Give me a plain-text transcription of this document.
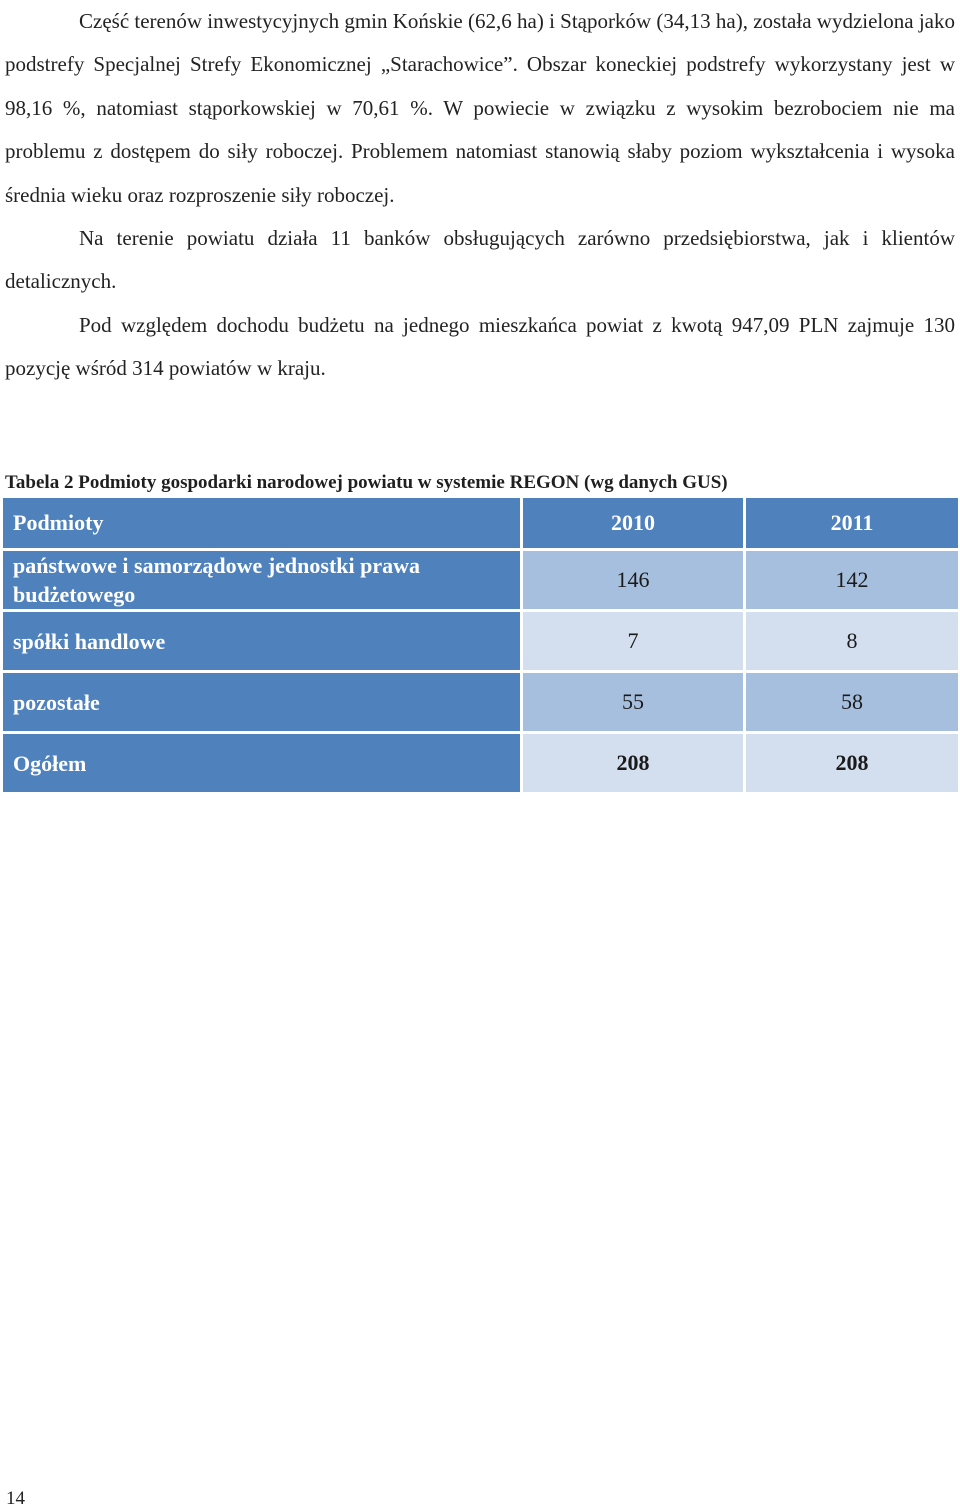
Część terenów inwestycyjnych gmin Końskie (62,6 ha) i Stąporków (34,13 ha), została wydzielona jako podstrefy Specjalnej Strefy Ekonomicznej „Starachowice”. Obszar koneckiej podstrefy wykorzystany jest w 98,16 %, natomiast stąporkowskiej w 70,61 %. W powiecie w związku z wysokim bezrobociem nie ma problemu z dostępem do siły roboczej. Problemem natomiast stanowią słaby poziom wykształcenia i wysoka średnia wieku oraz rozproszenie siły roboczej.

Na terenie powiatu działa 11 banków obsługujących zarówno przedsiębiorstwa, jak i klientów detalicznych.

Pod względem dochodu budżetu na jednego mieszkańca powiat z kwotą 947,09 PLN zajmuje 130 pozycję wśród 314 powiatów w kraju.

Tabela 2 Podmioty gospodarki narodowej powiatu w systemie REGON (wg danych GUS)
Podmioty	2010	2011
państwowe i samorządowe jednostki prawa budżetowego	146	142
spółki handlowe	7	8
pozostałe	55	58
Ogółem	208	208
14
